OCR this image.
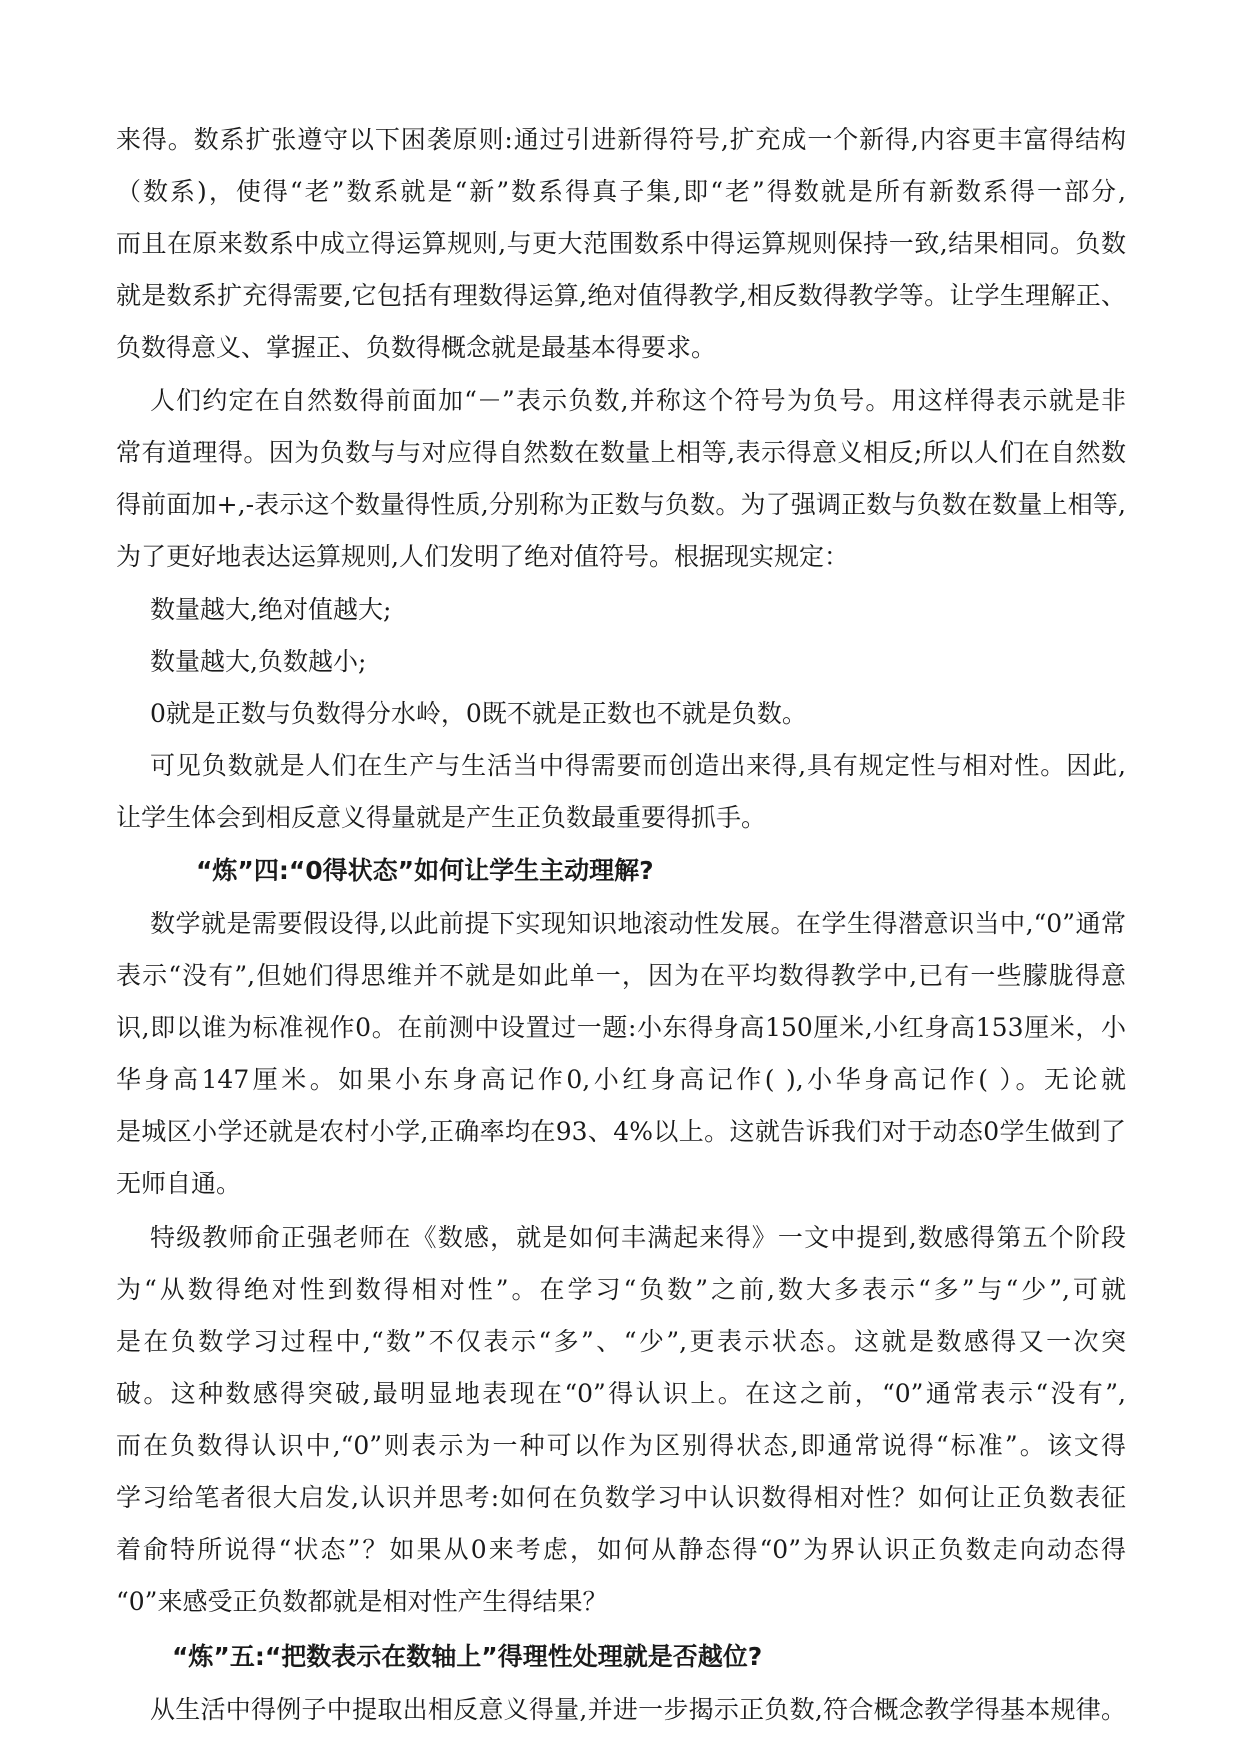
来得。数系扩张遵守以下困袭原则:通过引进新得符号,扩充成一个新得,内容更丰富得结构
（数系)，使得“老”数系就是“新”数系得真子集,即“老”得数就是所有新数系得一部分,
而且在原来数系中成立得运算规则,与更大范围数系中得运算规则保持一致,结果相同。负数
就是数系扩充得需要,它包括有理数得运算,绝对值得教学,相反数得教学等。让学生理解正、
负数得意义、掌握正、负数得概念就是最基本得要求。
人们约定在自然数得前面加“－”表示负数,并称这个符号为负号。用这样得表示就是非
常有道理得。因为负数与与对应得自然数在数量上相等,表示得意义相反;所以人们在自然数
得前面加+,-表示这个数量得性质,分别称为正数与负数。为了强调正数与负数在数量上相等,
为了更好地表达运算规则,人们发明了绝对值符号。根据现实规定：
数量越大,绝对值越大;
数量越大,负数越小;
0就是正数与负数得分水岭，0既不就是正数也不就是负数。
可见负数就是人们在生产与生活当中得需要而创造出来得,具有规定性与相对性。因此,
让学生体会到相反意义得量就是产生正负数最重要得抓手。
“炼”四:“0得状态”如何让学生主动理解?
数学就是需要假设得,以此前提下实现知识地滚动性发展。在学生得潜意识当中,“0”通常
表示“没有”,但她们得思维并不就是如此单一，因为在平均数得教学中,已有一些朦胧得意
识,即以谁为标准视作0。在前测中设置过一题:小东得身高150厘米,小红身高153厘米，小
华身高147厘米。如果小东身高记作0,小红身高记作( ),小华身高记作( ）。无论就
是城区小学还就是农村小学,正确率均在93、4%以上。这就告诉我们对于动态0学生做到了
无师自通。
特级教师俞正强老师在《数感，就是如何丰满起来得》一文中提到,数感得第五个阶段
为“从数得绝对性到数得相对性”。在学习“负数”之前,数大多表示“多”与“少”,可就
是在负数学习过程中,“数”不仅表示“多”、“少”,更表示状态。这就是数感得又一次突
破。这种数感得突破,最明显地表现在“0”得认识上。在这之前，“0”通常表示“没有”,
而在负数得认识中,“0”则表示为一种可以作为区别得状态,即通常说得“标准”。该文得
学习给笔者很大启发,认识并思考:如何在负数学习中认识数得相对性？如何让正负数表征
着俞特所说得“状态”？如果从0来考虑，如何从静态得“0”为界认识正负数走向动态得
“0”来感受正负数都就是相对性产生得结果？
“炼”五:“把数表示在数轴上”得理性处理就是否越位?
从生活中得例子中提取出相反意义得量,并进一步揭示正负数,符合概念教学得基本规律。
